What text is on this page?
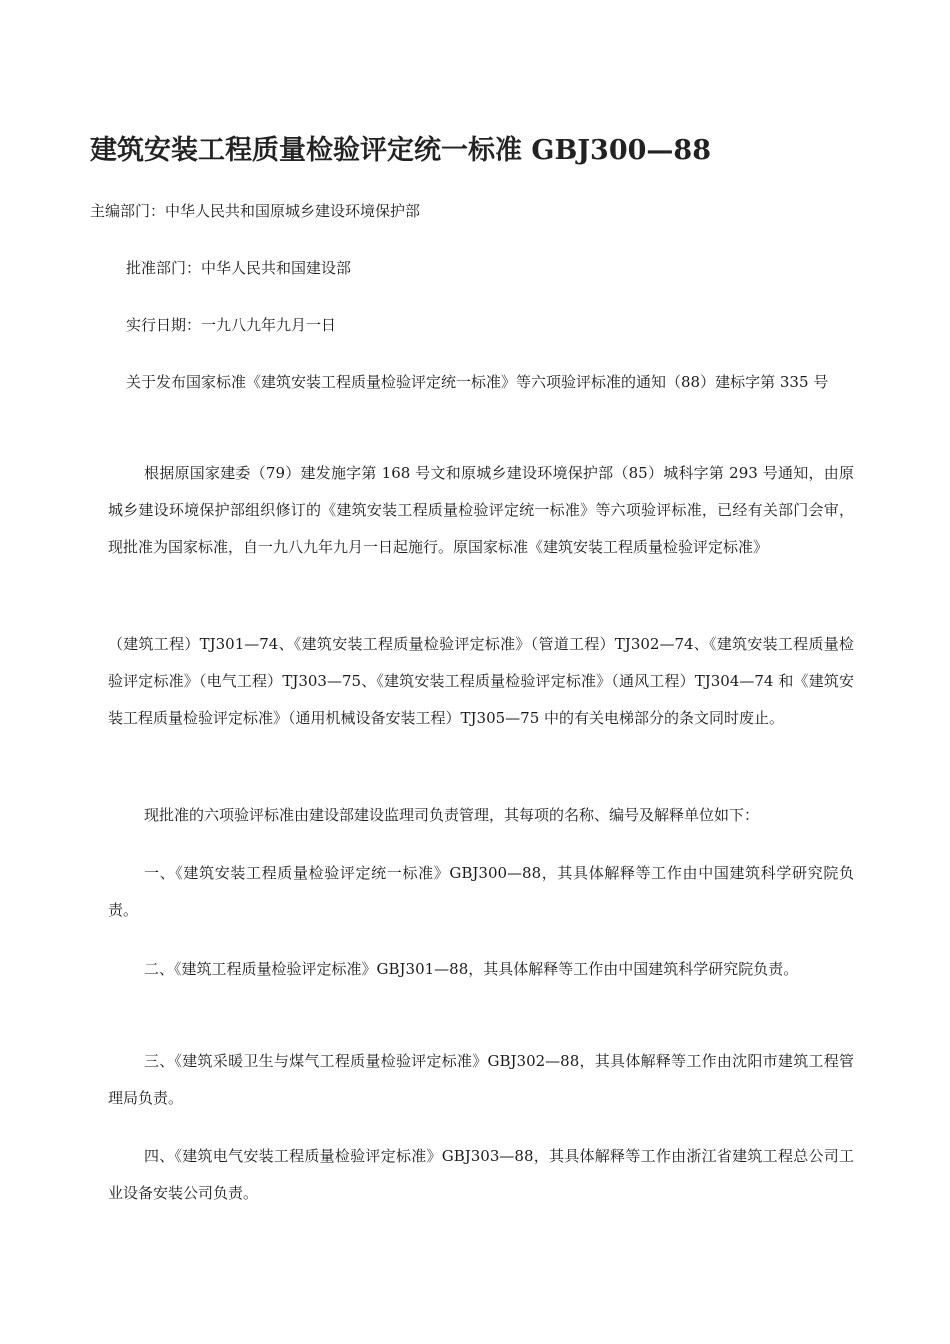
建筑安装工程质量检验评定统一标准 GBJ300—88

主编部门：中华人民共和国原城乡建设环境保护部

批准部门：中华人民共和国建设部

实行日期：一九八九年九月一日

关于发布国家标准《建筑安装工程质量检验评定统一标准》等六项验评标准的通知（88）建标字第 335 号

根据原国家建委（79）建发施字第 168 号文和原城乡建设环境保护部（85）城科字第 293 号通知，由原城乡建设环境保护部组织修订的《建筑安装工程质量检验评定统一标准》等六项验评标准，已经有关部门会审，现批准为国家标准，自一九八九年九月一日起施行。原国家标准《建筑安装工程质量检验评定标准》

（建筑工程）TJ301—74、《建筑安装工程质量检验评定标准》（管道工程）TJ302—74、《建筑安装工程质量检验评定标准》（电气工程）TJ303—75、《建筑安装工程质量检验评定标准》（通风工程）TJ304—74 和《建筑安装工程质量检验评定标准》（通用机械设备安装工程）TJ305—75 中的有关电梯部分的条文同时废止。

现批准的六项验评标准由建设部建设监理司负责管理，其每项的名称、编号及解释单位如下：

一、《建筑安装工程质量检验评定统一标准》GBJ300—88，其具体解释等工作由中国建筑科学研究院负责。

二、《建筑工程质量检验评定标准》GBJ301—88，其具体解释等工作由中国建筑科学研究院负责。

三、《建筑采暖卫生与煤气工程质量检验评定标准》GBJ302—88，其具体解释等工作由沈阳市建筑工程管理局负责。

四、《建筑电气安装工程质量检验评定标准》GBJ303—88，其具体解释等工作由浙江省建筑工程总公司工业设备安装公司负责。
